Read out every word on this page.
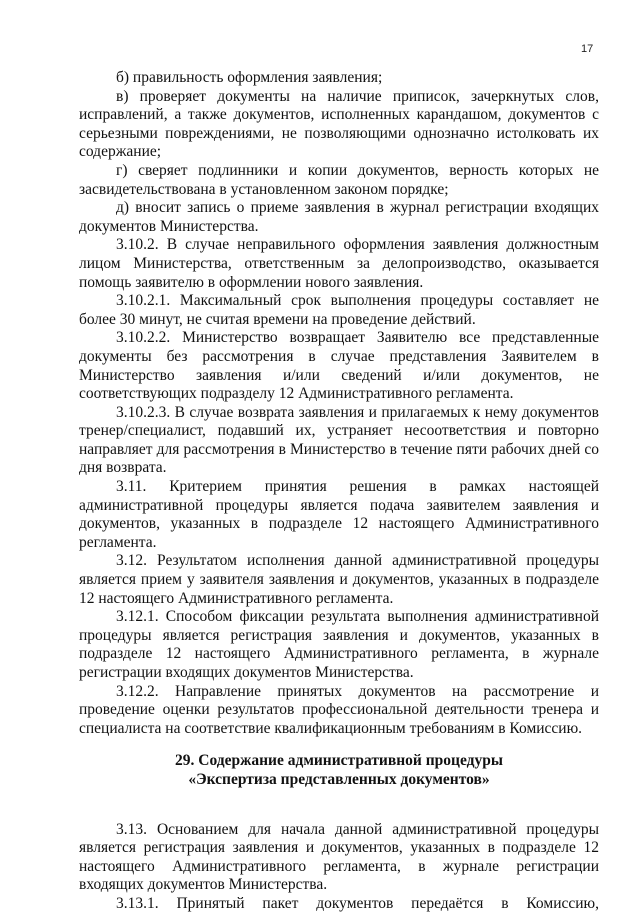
17

б) правильность оформления заявления;

в) проверяет документы на наличие приписок, зачеркнутых слов, исправлений, а также документов, исполненных карандашом, документов с серьезными повреждениями, не позволяющими однозначно истолковать их содержание;

г) сверяет подлинники и копии документов, верность которых не засвидетельствована в установленном законом порядке;

д) вносит запись о приеме заявления в журнал регистрации входящих документов Министерства.

3.10.2. В случае неправильного оформления заявления должностным лицом Министерства, ответственным за делопроизводство, оказывается помощь заявителю в оформлении нового заявления.

3.10.2.1. Максимальный срок выполнения процедуры составляет не более 30 минут, не считая времени на проведение действий.

3.10.2.2. Министерство возвращает Заявителю все представленные документы без рассмотрения в случае представления Заявителем в Министерство заявления и/или сведений и/или документов, не соответствующих подразделу 12 Административного регламента.

3.10.2.3. В случае возврата заявления и прилагаемых к нему документов тренер/специалист, подавший их, устраняет несоответствия и повторно направляет для рассмотрения в Министерство в течение пяти рабочих дней со дня возврата.

3.11. Критерием принятия решения в рамках настоящей административной процедуры является подача заявителем заявления и документов, указанных в подразделе 12 настоящего Административного регламента.

3.12. Результатом исполнения данной административной процедуры является прием у заявителя заявления и документов, указанных в подразделе 12 настоящего Административного регламента.

3.12.1. Способом фиксации результата выполнения административной процедуры является регистрация заявления и документов, указанных в подразделе 12 настоящего Административного регламента, в журнале регистрации входящих документов Министерства.

3.12.2. Направление принятых документов на рассмотрение и проведение оценки результатов профессиональной деятельности тренера и специалиста на соответствие квалификационным требованиям в Комиссию.

29. Содержание административной процедуры
«Экспертиза представленных документов»

3.13. Основанием для начала данной административной процедуры является регистрация заявления и документов, указанных в подразделе 12 настоящего Административного регламента, в журнале регистрации входящих документов Министерства.

3.13.1. Принятый пакет документов передаётся в Комиссию,
